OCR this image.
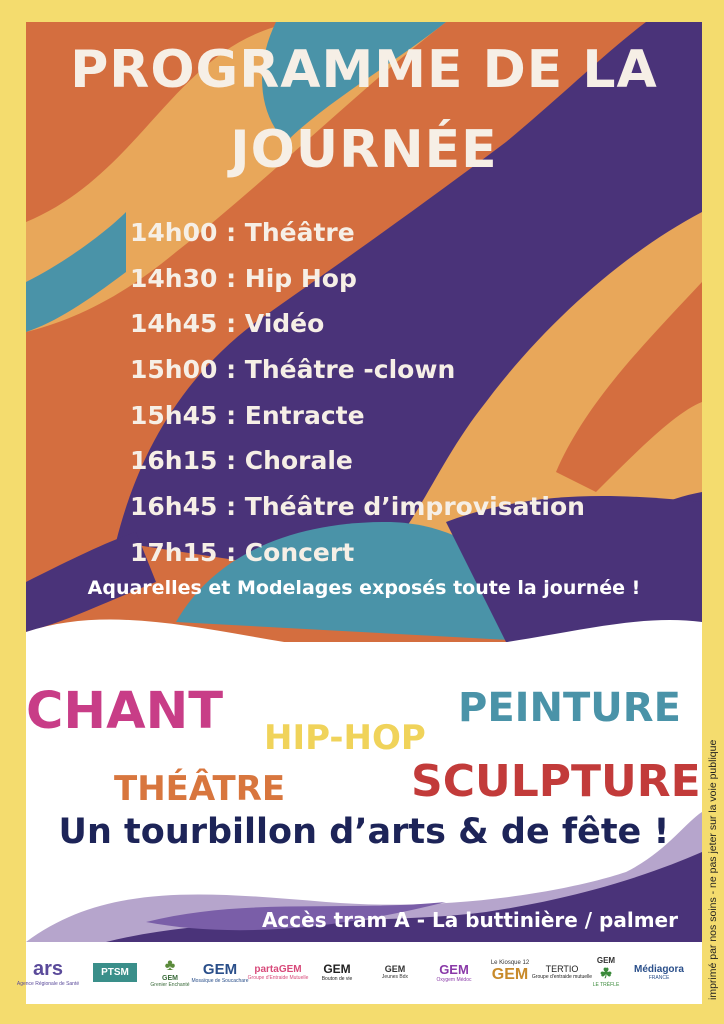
PROGRAMME DE LA
JOURNÉE
14h00 : Théâtre
14h30 : Hip Hop
14h45 : Vidéo
15h00 : Théâtre -clown
15h45 : Entracte
16h15 : Chorale
16h45 : Théâtre d’improvisation
17h15 : Concert
Aquarelles et Modelages exposés toute la journée !
CHANT HIP-HOP
PEINTURE
THÉÂTRE	SCULPTURE
Un tourbillon d’arts & de fête !
Accès tram A - La buttinière / palmer	imprimé par nos soins - ne pas jeter sur la voie publique
ars
Agence Régionale de Santé
PTSM	♣
GEM
Grenier Enchanté
GEM
Mosaïque de Soucachare
partaGEM
Groupe d'Entraide Mutuelle
GEM
Bouton de vie
GEM
Jeunes Bdx
GEM
Oxygem Médoc GEM
Le Kiosque 12
TERTIO
Groupe d'entraide mutuelle
GEM
☘
LE TRÈFLE
Médiagora
FRANCE
